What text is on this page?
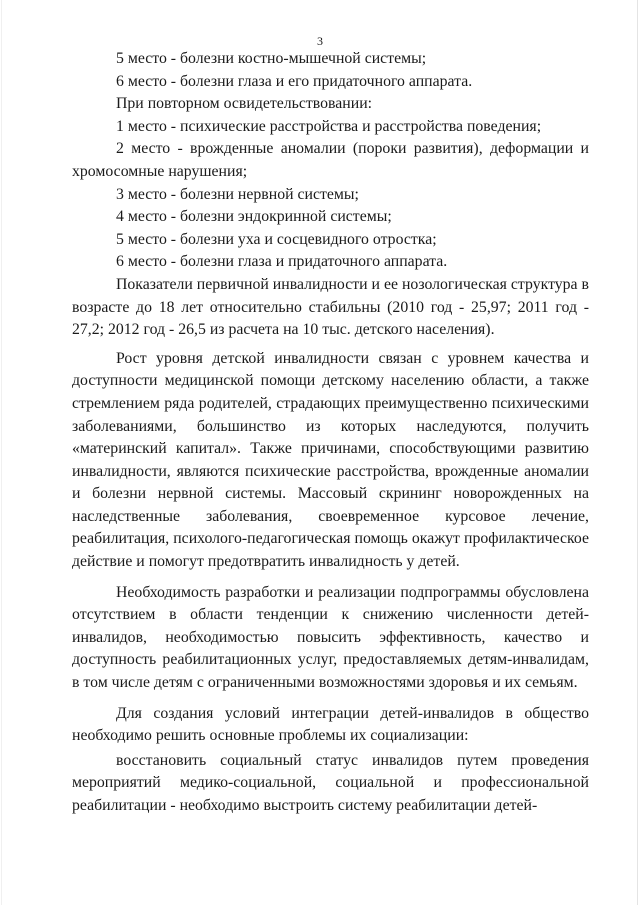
3

5 место - болезни костно-мышечной системы;

6 место - болезни глаза и его придаточного аппарата.

При повторном освидетельствовании:

1 место - психические расстройства и расстройства поведения;

2 место - врожденные аномалии (пороки развития), деформации и хромосомные нарушения;

3 место - болезни нервной системы;

4 место - болезни эндокринной системы;

5 место - болезни уха и сосцевидного отростка;

6 место - болезни глаза и придаточного аппарата.

Показатели первичной инвалидности и ее нозологическая структура в возрасте до 18 лет относительно стабильны (2010 год - 25,97; 2011 год - 27,2; 2012 год - 26,5 из расчета на 10 тыс. детского населения).

Рост уровня детской инвалидности связан с уровнем качества и доступности медицинской помощи детскому населению области, а также стремлением ряда родителей, страдающих преимущественно психическими заболеваниями, большинство из которых наследуются, получить «материнский капитал». Также причинами, способствующими развитию инвалидности, являются психические расстройства, врожденные аномалии и болезни нервной системы. Массовый скрининг новорожденных на наследственные заболевания, своевременное курсовое лечение, реабилитация, психолого-педагогическая помощь окажут профилактическое действие и помогут предотвратить инвалидность у детей.

Необходимость разработки и реализации подпрограммы обусловлена отсутствием в области тенденции к снижению численности детей-инвалидов, необходимостью повысить эффективность, качество и доступность реабилитационных услуг, предоставляемых детям-инвалидам, в том числе детям с ограниченными возможностями здоровья и их семьям.

Для создания условий интеграции детей-инвалидов в общество необходимо решить основные проблемы их социализации:

восстановить социальный статус инвалидов путем проведения мероприятий медико-социальной, социальной и профессиональной реабилитации - необходимо выстроить систему реабилитации детей-
